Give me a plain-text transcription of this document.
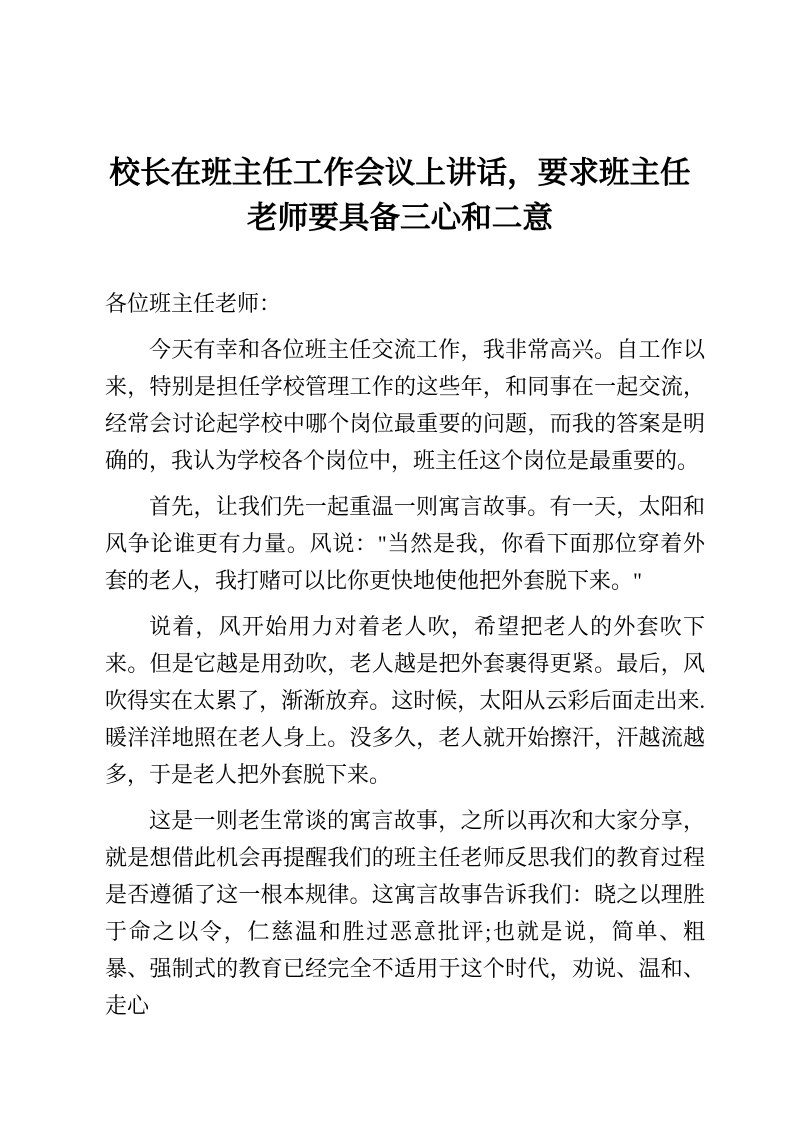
校长在班主任工作会议上讲话，要求班主任老师要具备三心和二意

各位班主任老师：

今天有幸和各位班主任交流工作，我非常高兴。自工作以来，特别是担任学校管理工作的这些年，和同事在一起交流，经常会讨论起学校中哪个岗位最重要的问题，而我的答案是明确的，我认为学校各个岗位中，班主任这个岗位是最重要的。

首先，让我们先一起重温一则寓言故事。有一天，太阳和风争论谁更有力量。风说："当然是我，你看下面那位穿着外套的老人，我打赌可以比你更快地使他把外套脱下来。"

说着，风开始用力对着老人吹，希望把老人的外套吹下来。但是它越是用劲吹，老人越是把外套裹得更紧。最后，风吹得实在太累了，渐渐放弃。这时候，太阳从云彩后面走出来.暖洋洋地照在老人身上。没多久，老人就开始擦汗，汗越流越多，于是老人把外套脱下来。

这是一则老生常谈的寓言故事，之所以再次和大家分享，就是想借此机会再提醒我们的班主任老师反思我们的教育过程是否遵循了这一根本规律。这寓言故事告诉我们：晓之以理胜于命之以令，仁慈温和胜过恶意批评;也就是说，简单、粗暴、强制式的教育已经完全不适用于这个时代，劝说、温和、走心
